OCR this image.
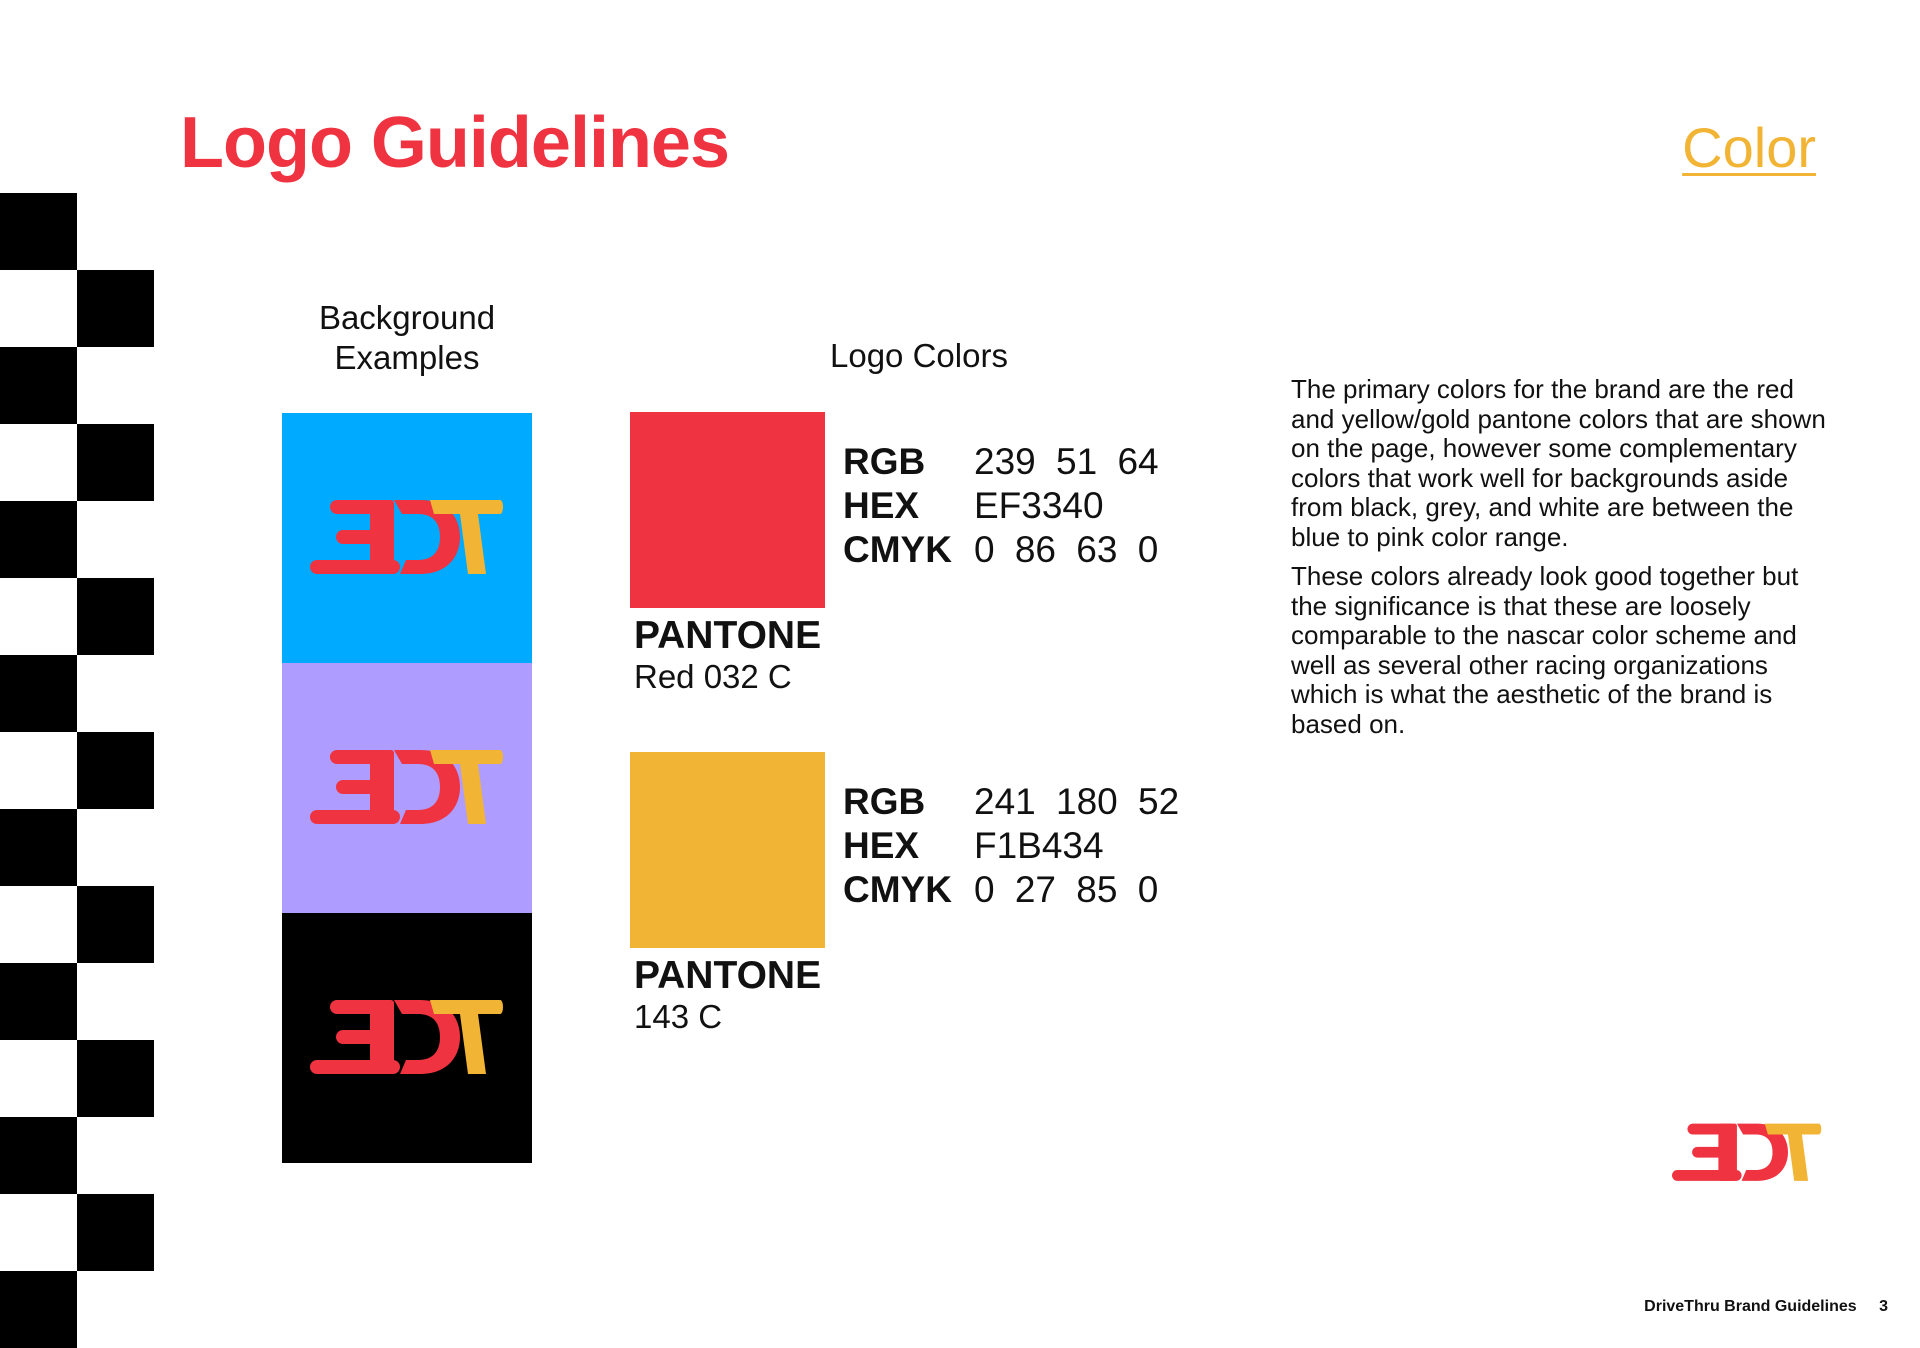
Logo Guidelines	Color
Background
Examples	Logo Colors
RGB	239 51 64
HEX	EF3340
CMYK 0 86 63 0
PANTONE
Red 032 C
RGB	241 180 52
HEX	F1B434
CMYK 0 27 85 0
PANTONE
143 C

The primary colors for the brand are the red and yellow/gold pantone colors that are shown on the page, however some complementary colors that work well for backgrounds aside from black, grey, and white are between the blue to pink color range.

These colors already look good together but the significance is that these are loosely comparable to the nascar color scheme and well as several other racing organizations which is what the aesthetic of the brand is based on.

DriveThru Brand Guidelines 3
